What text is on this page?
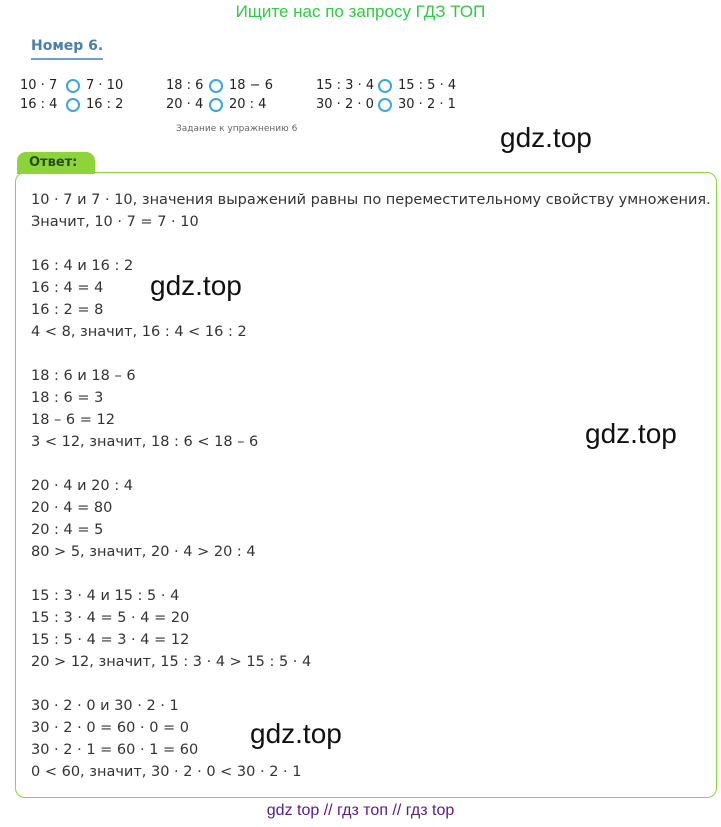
Ищите нас по запросу ГДЗ ТОП
Номер 6.
10 · 7 7 · 10
16 : 4 16 : 2
18 : 6 18 − 6
20 · 4 20 : 4
15 : 3 · 4 15 : 5 · 4
30 · 2 · 0 30 · 2 · 1
Задание к упражнению 6	gdz.top
Ответ:
10 · 7 и 7 · 10, значения выражений равны по переместительному свойству умножения.
Значит, 10 · 7 = 7 · 10
16 : 4 и 16 : 2
16 : 4 = 4
16 : 2 = 8
4 < 8, значит, 16 : 4 < 16 : 2
18 : 6 и 18 – 6
18 : 6 = 3
18 – 6 = 12
3 < 12, значит, 18 : 6 < 18 – 6
20 · 4 и 20 : 4
20 · 4 = 80
20 : 4 = 5
80 > 5, значит, 20 · 4 > 20 : 4
15 : 3 · 4 и 15 : 5 · 4
15 : 3 · 4 = 5 · 4 = 20
15 : 5 · 4 = 3 · 4 = 12
20 > 12, значит, 15 : 3 · 4 > 15 : 5 · 4
30 · 2 · 0 и 30 · 2 · 1
30 · 2 · 0 = 60 · 0 = 0
30 · 2 · 1 = 60 · 1 = 60
0 < 60, значит, 30 · 2 · 0 < 30 · 2 · 1
gdz.top
gdz.top
gdz.top
gdz top // гдз топ // гдз top
